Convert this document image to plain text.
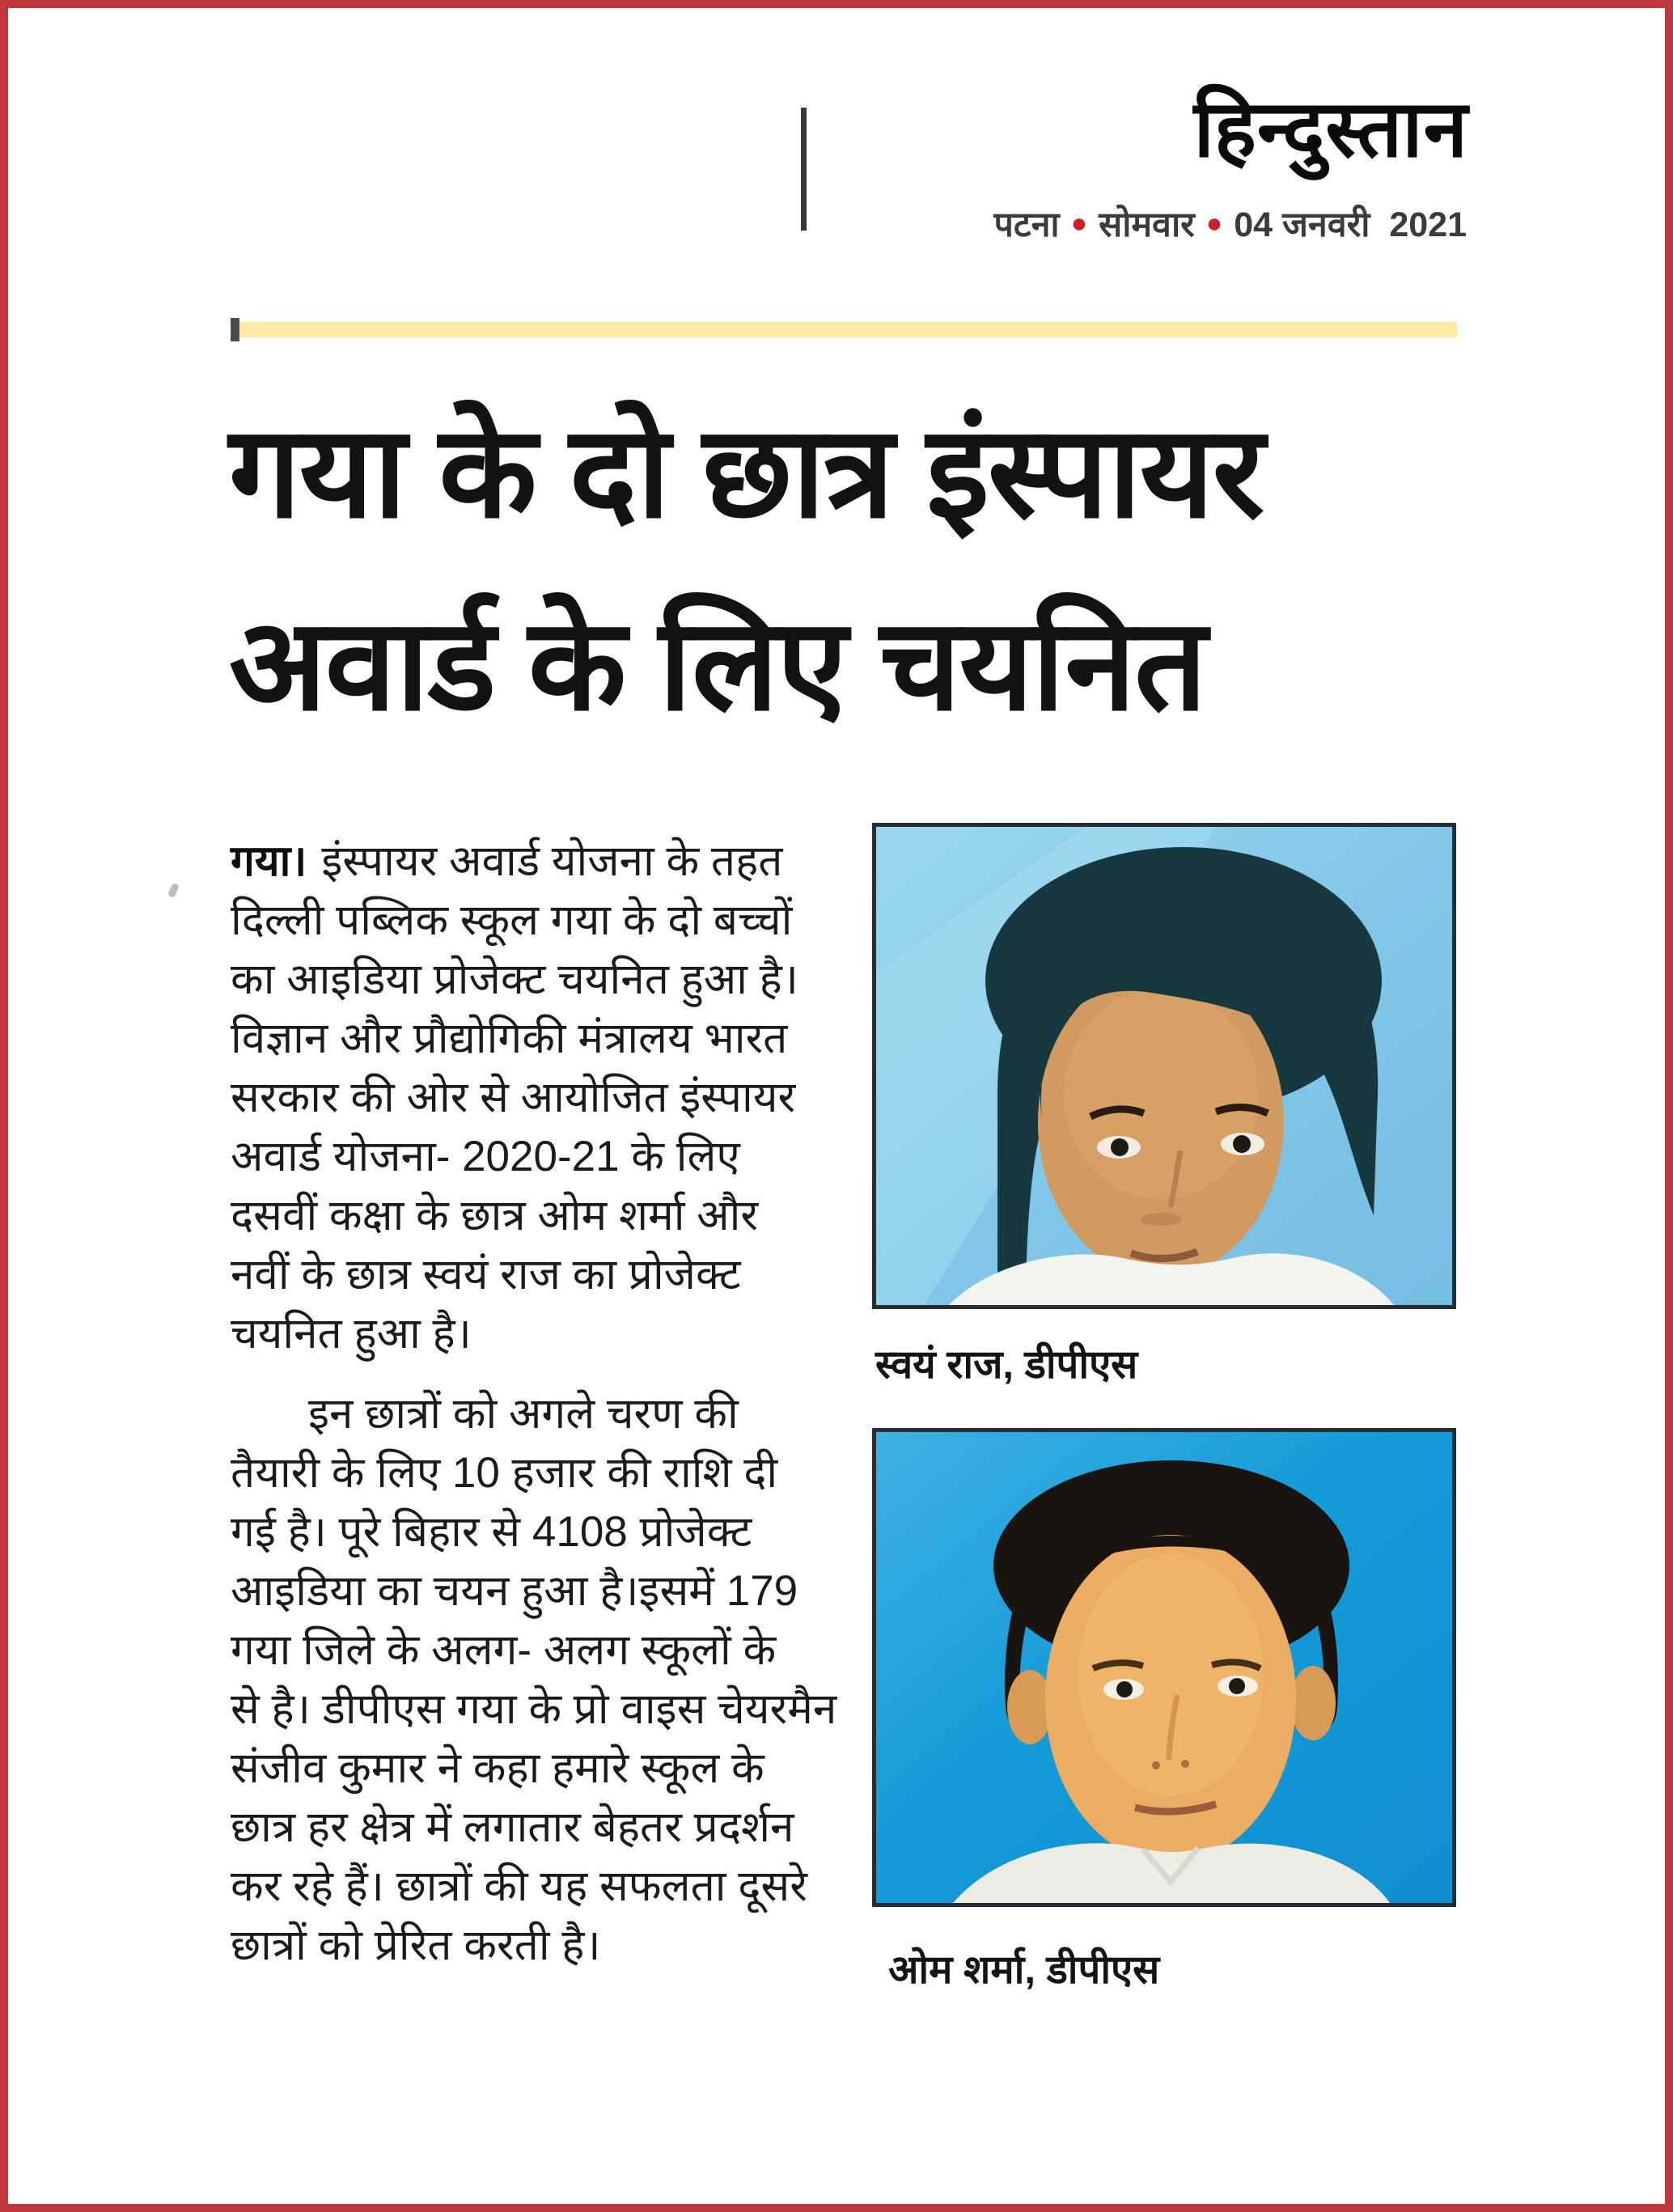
हिन्दुस्तान
पटना ● सोमवार ● 04 जनवरी 2021
गया के दो छात्र इंस्पायर
अवार्ड के लिए चयनित
गया। इंस्पायर अवार्ड योजना के तहत
दिल्ली पब्लिक स्कूल गया के दो बच्चों
का आइडिया प्रोजेक्ट चयनित हुआ है।
विज्ञान और प्रौद्योगिकी मंत्रालय भारत
सरकार की ओर से आयोजित इंस्पायर
अवार्ड योजना- 2020-21 के लिए
दसवीं कक्षा के छात्र ओम शर्मा और
नवीं के छात्र स्वयं राज का प्रोजेक्ट
चयनित हुआ है।
इन छात्रों को अगले चरण की
तैयारी के लिए 10 हजार की राशि दी
गई है। पूरे बिहार से 4108 प्रोजेक्ट
आइडिया का चयन हुआ है।इसमें 179
गया जिले के अलग- अलग स्कूलों के
से है। डीपीएस गया के प्रो वाइस चेयरमैन
संजीव कुमार ने कहा हमारे स्कूल के
छात्र हर क्षेत्र में लगातार बेहतर प्रदर्शन
कर रहे हैं। छात्रों की यह सफलता दूसरे
छात्रों को प्रेरित करती है।
स्वयं राज, डीपीएस
ओम शर्मा, डीपीएस
